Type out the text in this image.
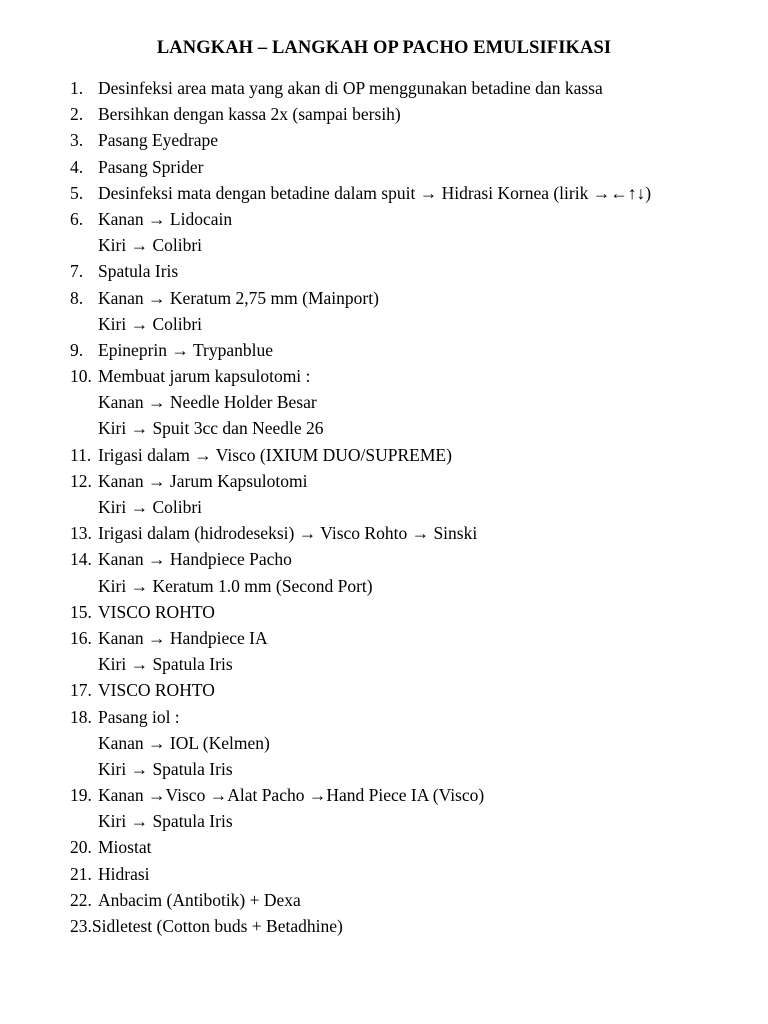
LANGKAH – LANGKAH OP PACHO EMULSIFIKASI
1. Desinfeksi area mata yang akan di OP menggunakan betadine dan kassa
2. Bersihkan dengan kassa 2x (sampai bersih)
3. Pasang Eyedrape
4. Pasang Sprider
5. Desinfeksi mata dengan betadine dalam spuit → Hidrasi Kornea (lirik →←↑↓)
6. Kanan → Lidocain
Kiri → Colibri
7. Spatula Iris
8. Kanan → Keratum 2,75 mm (Mainport)
Kiri → Colibri
9. Epineprin → Trypanblue
10. Membuat jarum kapsulotomi :
Kanan → Needle Holder Besar
Kiri → Spuit 3cc dan Needle 26
11. Irigasi dalam → Visco (IXIUM DUO/SUPREME)
12. Kanan → Jarum Kapsulotomi
Kiri → Colibri
13. Irigasi dalam (hidrodeseksi) → Visco Rohto → Sinski
14. Kanan → Handpiece Pacho
Kiri → Keratum 1.0 mm (Second Port)
15. VISCO ROHTO
16. Kanan → Handpiece IA
Kiri → Spatula Iris
17. VISCO ROHTO
18. Pasang iol :
Kanan → IOL (Kelmen)
Kiri → Spatula Iris
19. Kanan →Visco →Alat Pacho →Hand Piece IA (Visco)
Kiri → Spatula Iris
20. Miostat
21. Hidrasi
22. Anbacim (Antibotik) + Dexa
23.Sidletest (Cotton buds + Betadhine)
